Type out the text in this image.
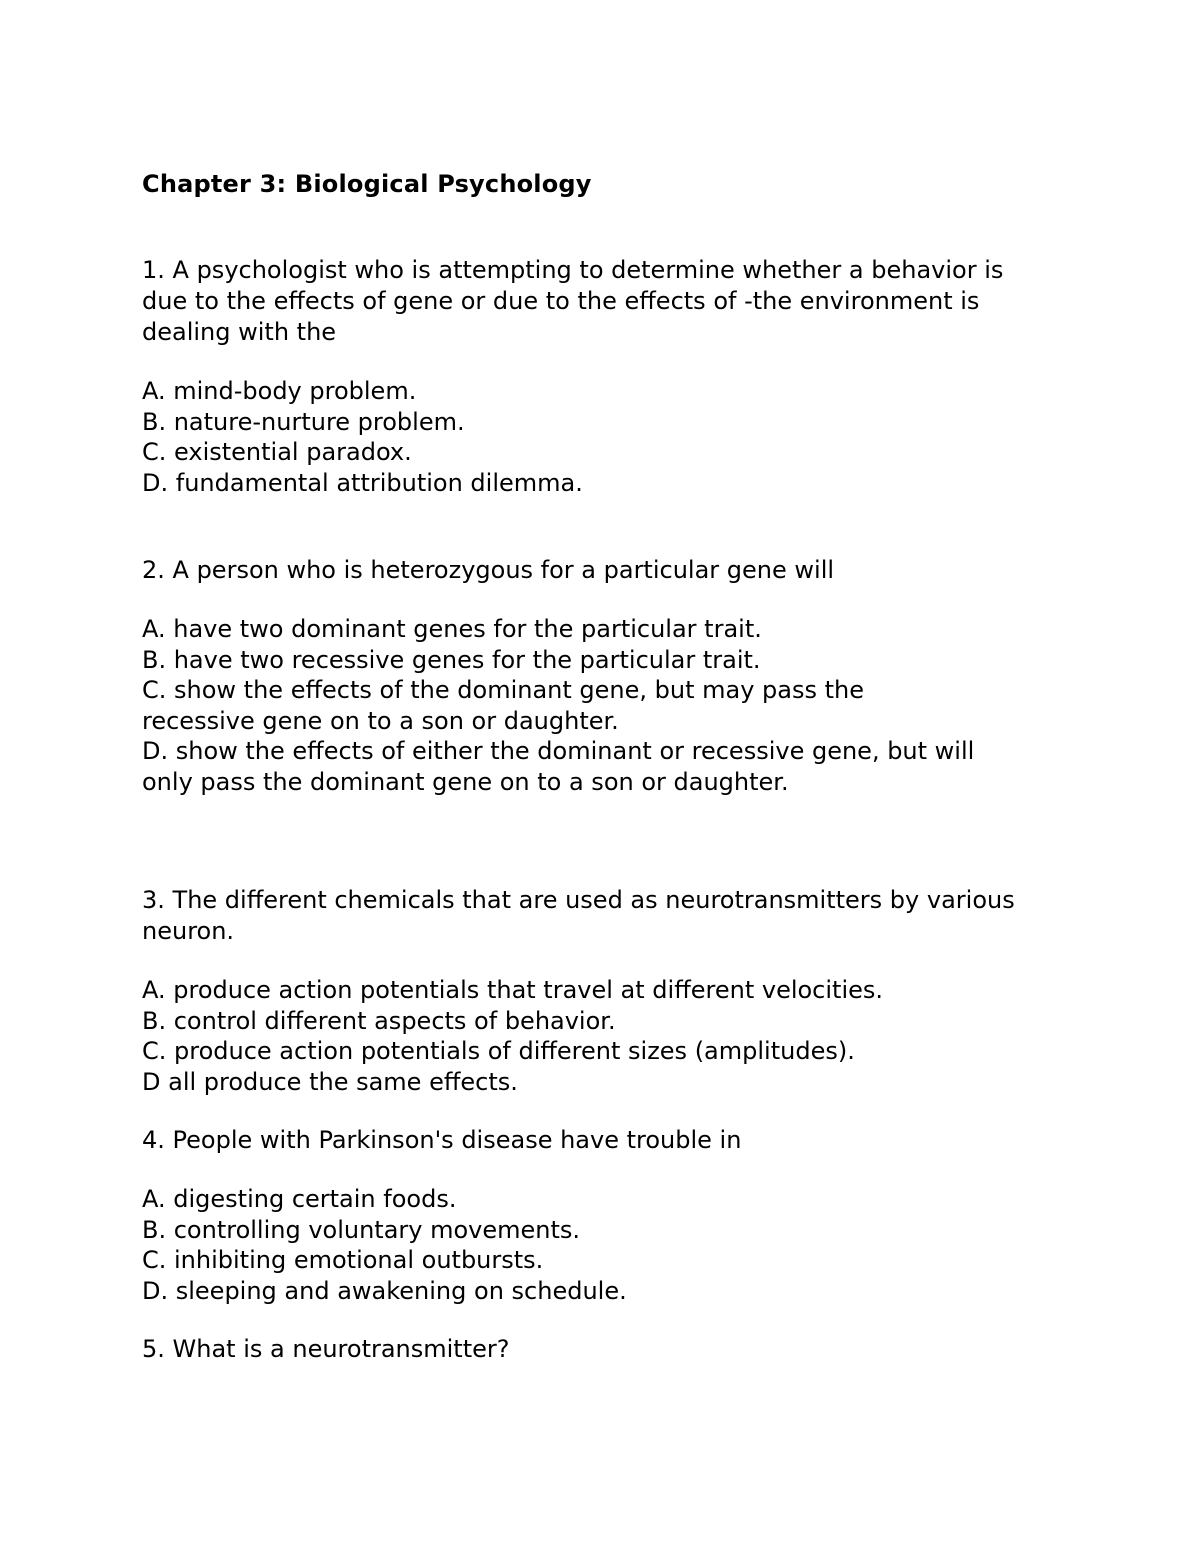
Chapter 3: Biological Psychology

1. A psychologist who is attempting to determine whether a behavior is due to the effects of gene or due to the effects of -the environment is dealing with the

A. mind-body problem.
B. nature-nurture problem.
C. existential paradox.
D. fundamental attribution dilemma.

2. A person who is heterozygous for a particular gene will

A. have two dominant genes for the particular trait.
B. have two recessive genes for the particular trait.
C. show the effects of the dominant gene, but may pass the recessive gene on to a son or daughter.
D. show the effects of either the dominant or recessive gene, but will only pass the dominant gene on to a son or daughter.

3. The different chemicals that are used as neurotransmitters by various neuron.

A. produce action potentials that travel at different velocities.
B. control different aspects of behavior.
C. produce action potentials of different sizes (amplitudes).
D all produce the same effects.

4. People with Parkinson's disease have trouble in

A. digesting certain foods.
B. controlling voluntary movements.
C. inhibiting emotional outbursts.
D. sleeping and awakening on schedule.

5. What is a neurotransmitter?
